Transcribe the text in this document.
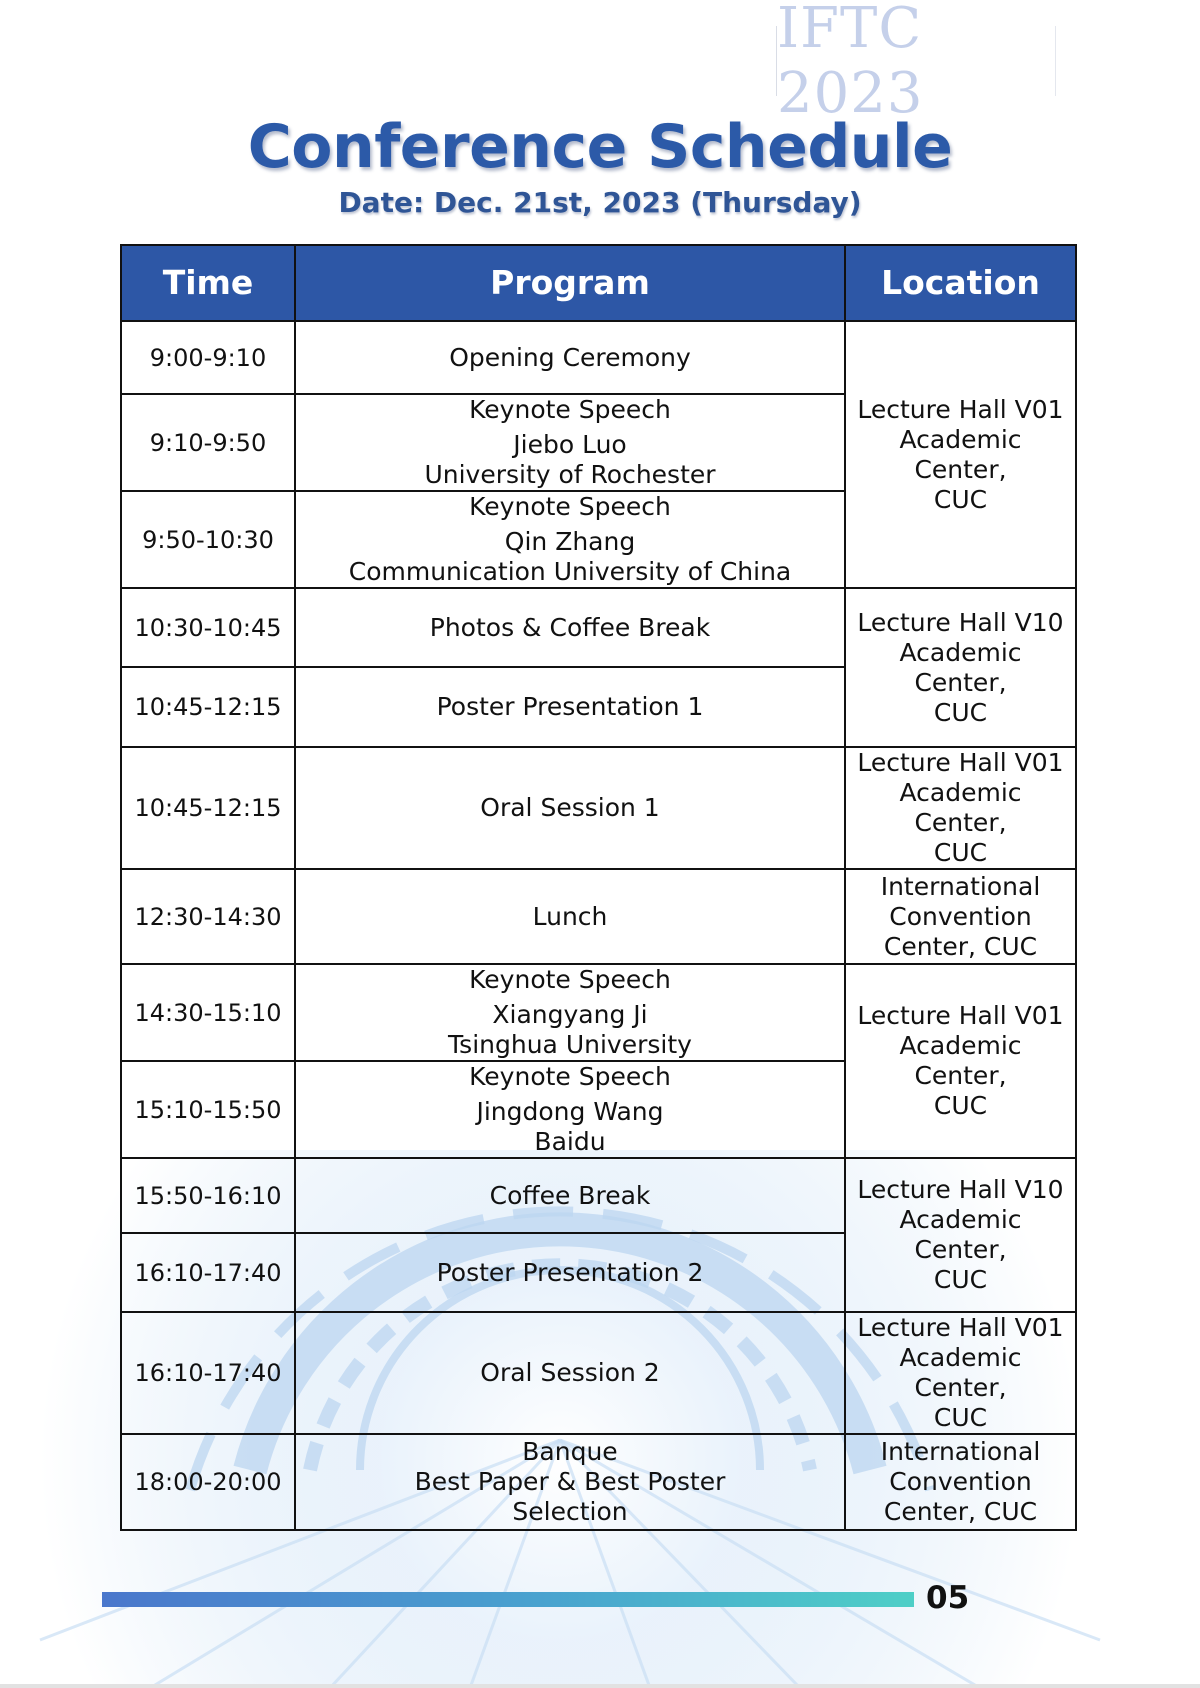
IFTC 2023
Conference Schedule
Date: Dec. 21st, 2023 (Thursday)
Time	Program	Location
9:00-9:10	Opening Ceremony	Lecture Hall V01
Academic Center,
CUC

9:10-9:50	Keynote Speech
Jiebo Luo
University of Rochester	

9:50-10:30	Keynote Speech
Qin Zhang
Communication University of China	

10:30-10:45	Photos & Coffee Break	Lecture Hall V10
Academic Center,
CUC

10:45-12:15	Poster Presentation 1	

10:45-12:15	Oral Session 1	Lecture Hall V01
Academic Center,
CUC

12:30-14:30	Lunch	International
Convention
Center, CUC

14:30-15:10	Keynote Speech
Xiangyang Ji
Tsinghua University	Lecture Hall V01
Academic Center,
CUC

15:10-15:50	Keynote Speech
Jingdong Wang
Baidu	

15:50-16:10	Coffee Break	Lecture Hall V10
Academic Center,
CUC

16:10-17:40	Poster Presentation 2	

16:10-17:40	Oral Session 2	Lecture Hall V01
Academic Center,
CUC

18:00-20:00	Banque
Best Paper & Best Poster
Selection	International
Convention
Center, CUC
05
